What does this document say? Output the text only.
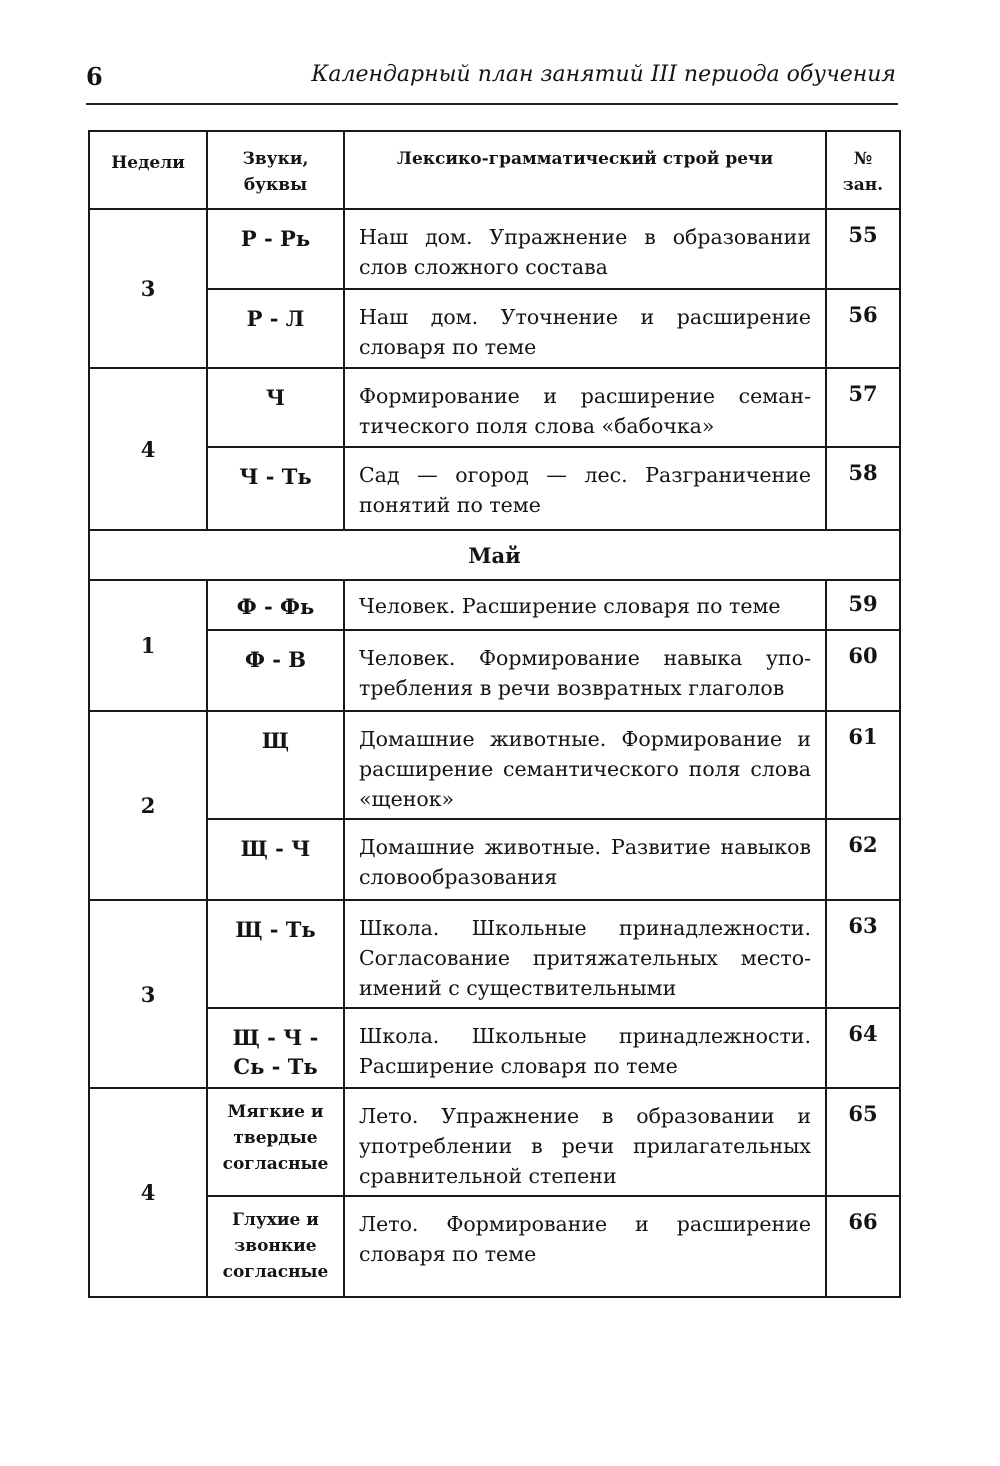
6	Календарный план занятий III периода обучения
Недели	Звуки, буквы	Лексико-грамматический строй речи	№ зан.
3	Р - Рь	Наш дом. Упражнение в образовании слов сложного состава	55
	Р - Л	Наш дом. Уточнение и расширение словаря по теме	56
4	Ч	Формирование и расширение семантического поля слова «бабочка»	57
	Ч - Ть	Сад — огород — лес. Разграничение понятий по теме	58
Май			
1	Ф - Фь	Человек. Расширение словаря по теме	59
	Ф - В	Человек. Формирование навыка употребления в речи возвратных глаголов	60
2	Щ	Домашние животные. Формирование и расширение семантического поля слова «щенок»	61
	Щ - Ч	Домашние животные. Развитие навыков словообразования	62
3	Щ - Ть	Школа. Школьные принадлежности. Согласование притяжательных местоимений с существительными	63
	Щ - Ч - Сь - Ть	Школа. Школьные принадлежности. Расширение словаря по теме	64
4	Мягкие и твердые согласные	Лето. Упражнение в образовании и употреблении в речи прилагательных сравнительной степени	65
	Глухие и звонкие согласные	Лето. Формирование и расширение словаря по теме	66
